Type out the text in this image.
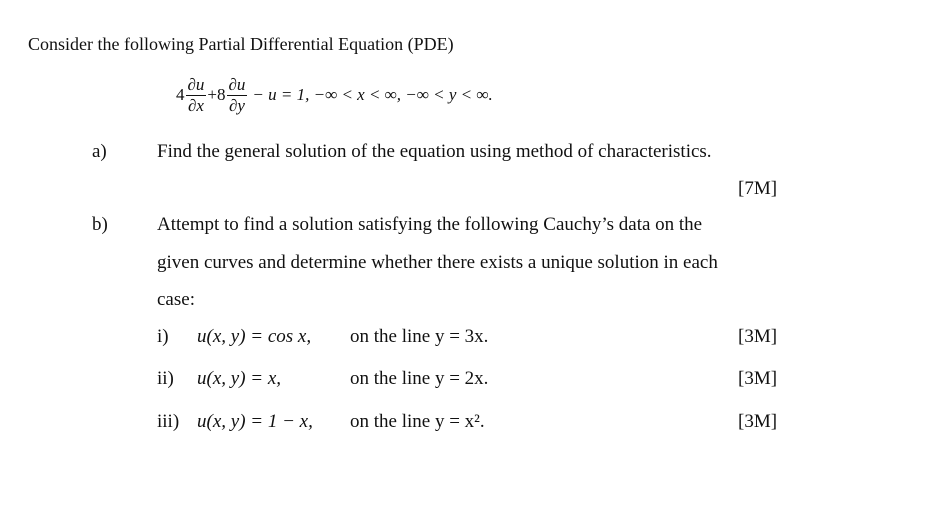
Consider the following Partial Differential Equation (PDE)
$4 \frac{\partial u}{\partial x} +8 \frac{\partial u}{\partial y} - u = 1$, −∞ < x < ∞, −∞ < y < ∞.
a)	Find the general solution of the equation using method of characteristics.
[7M]
b)	Attempt to find a solution satisfying the following Cauchy’s data on the
given curves and determine whether there exists a unique solution in each
case:
i) u(x, y) = cos x, on the line y = 3x.	[3M]
ii) u(x, y) = x,	on the line y = 2x.	[3M]
iii) u(x, y) = 1 − x, on the line y = x².	[3M]
